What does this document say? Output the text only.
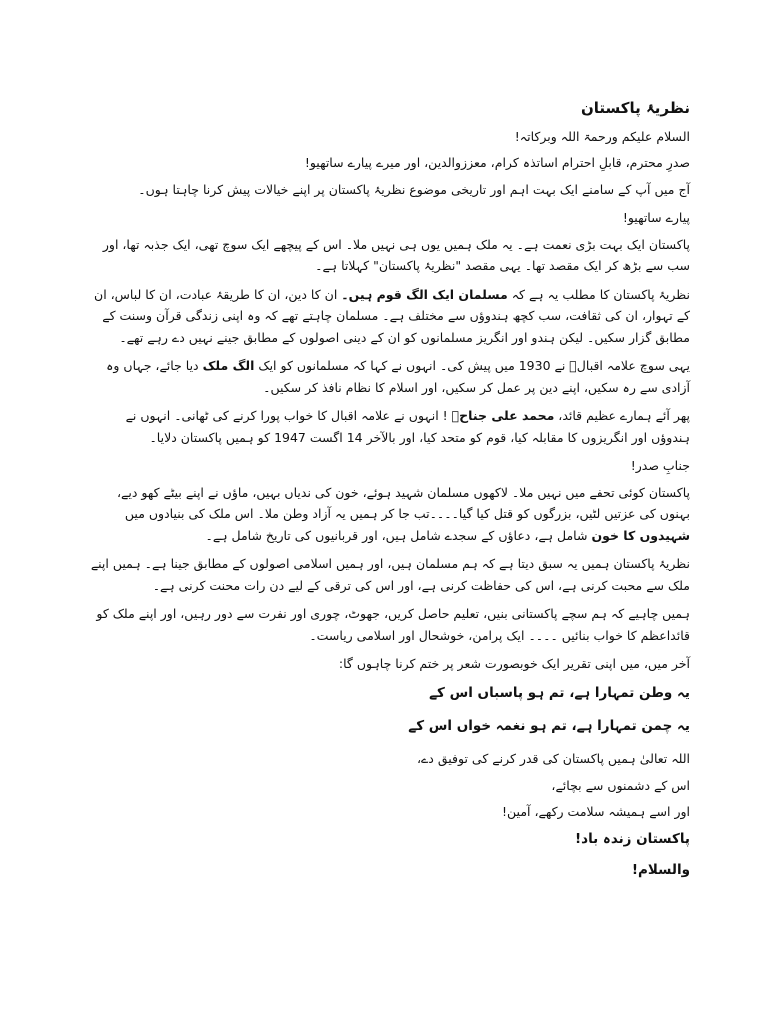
نظریۂ پاکستان

السلام علیکم ورحمۃ اللہ وبرکاتہ!

صدرِ محترم، قابلِ احترام اساتذہ کرام، معززوالدین، اور میرے پیارے ساتھیو!

آج میں آپ کے سامنے ایک بہت اہم اور تاریخی موضوع نظریۂ پاکستان پر اپنے خیالات پیش کرنا چاہتا ہوں۔

پیارے ساتھیو!

پاکستان ایک بہت بڑی نعمت ہے۔ یہ ملک ہمیں یوں ہی نہیں ملا۔ اس کے پیچھے ایک سوچ تھی، ایک جذبہ تھا، اور سب سے بڑھ کر ایک مقصد تھا۔ یہی مقصد "نظریۂ پاکستان" کہلاتا ہے۔

نظریۂ پاکستان کا مطلب یہ ہے کہ مسلمان ایک الگ قوم ہیں۔ ان کا دین، ان کا طریقۂ عبادت، ان کا لباس، ان کے تہوار، ان کی ثقافت، سب کچھ ہندوؤں سے مختلف ہے۔ مسلمان چاہتے تھے کہ وہ اپنی زندگی قرآن وسنت کے مطابق گزار سکیں۔ لیکن ہندو اور انگریز مسلمانوں کو ان کے دینی اصولوں کے مطابق جینے نہیں دے رہے تھے۔

یہی سوچ علامہ اقبالؒ نے 1930 میں پیش کی۔ انہوں نے کہا کہ مسلمانوں کو ایک الگ ملک دیا جائے، جہاں وہ آزادی سے رہ سکیں، اپنے دین پر عمل کر سکیں، اور اسلام کا نظام نافذ کر سکیں۔

پھر آئے ہمارے عظیم قائد، محمد علی جناحؒ ! انہوں نے علامہ اقبال کا خواب پورا کرنے کی ٹھانی۔ انہوں نے ہندوؤں اور انگریزوں کا مقابلہ کیا، قوم کو متحد کیا، اور بالآخر 14 اگست 1947 کو ہمیں پاکستان دلایا۔

جنابِ صدر!

پاکستان کوئی تحفے میں نہیں ملا۔ لاکھوں مسلمان شہید ہوئے، خون کی ندیاں بہیں، ماؤں نے اپنے بیٹے کھو دیے، بہنوں کی عزتیں لٹیں، بزرگوں کو قتل کیا گیا۔۔۔۔تب جا کر ہمیں یہ آزاد وطن ملا۔ اس ملک کی بنیادوں میں شہیدوں کا خون شامل ہے، دعاؤں کے سجدے شامل ہیں، اور قربانیوں کی تاریخ شامل ہے۔

نظریۂ پاکستان ہمیں یہ سبق دیتا ہے کہ ہم مسلمان ہیں، اور ہمیں اسلامی اصولوں کے مطابق جینا ہے۔ ہمیں اپنے ملک سے محبت کرنی ہے، اس کی حفاظت کرنی ہے، اور اس کی ترقی کے لیے دن رات محنت کرنی ہے۔

ہمیں چاہیے کہ ہم سچے پاکستانی بنیں، تعلیم حاصل کریں، جھوٹ، چوری اور نفرت سے دور رہیں، اور اپنے ملک کو قائداعظم کا خواب بنائیں ۔۔۔۔ ایک پرامن، خوشحال اور اسلامی ریاست۔

آخر میں، میں اپنی تقریر ایک خوبصورت شعر پر ختم کرنا چاہوں گا:

یہ وطن تمہارا ہے، تم ہو پاسباں اس کے

یہ چمن تمہارا ہے، تم ہو نغمہ خواں اس کے

اللہ تعالیٰ ہمیں پاکستان کی قدر کرنے کی توفیق دے،

اس کے دشمنوں سے بچائے،

اور اسے ہمیشہ سلامت رکھے، آمین!

پاکستان زندہ باد!

والسلام!
